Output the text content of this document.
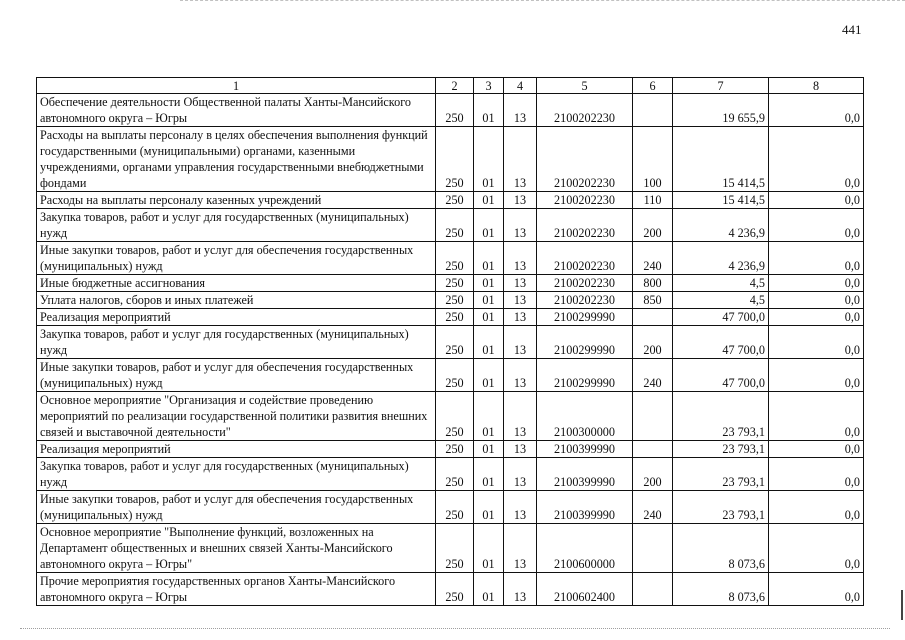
441
1	2	3	4	5	6	7	8
Обеспечение деятельности Общественной палаты Ханты-Мансийского автономного округа – Югры	250	01	13	2100202230		19 655,9	0,0
Расходы на выплаты персоналу в целях обеспечения выполнения функций государственными (муниципальными) органами, казенными учреждениями, органами управления государственными внебюджетными фондами	250	01	13	2100202230	100	15 414,5	0,0
Расходы на выплаты персоналу казенных учреждений	250	01	13	2100202230	110	15 414,5	0,0
Закупка товаров, работ и услуг для государственных (муниципальных) нужд	250	01	13	2100202230	200	4 236,9	0,0
Иные закупки товаров, работ и услуг для обеспечения государственных (муниципальных) нужд	250	01	13	2100202230	240	4 236,9	0,0
Иные бюджетные ассигнования	250	01	13	2100202230	800	4,5	0,0
Уплата налогов, сборов и иных платежей	250	01	13	2100202230	850	4,5	0,0
Реализация мероприятий	250	01	13	2100299990		47 700,0	0,0
Закупка товаров, работ и услуг для государственных (муниципальных) нужд	250	01	13	2100299990	200	47 700,0	0,0
Иные закупки товаров, работ и услуг для обеспечения государственных (муниципальных) нужд	250	01	13	2100299990	240	47 700,0	0,0
Основное мероприятие "Организация и содействие проведению мероприятий по реализации государственной политики развития внешних связей и выставочной деятельности"	250	01	13	2100300000		23 793,1	0,0
Реализация мероприятий	250	01	13	2100399990		23 793,1	0,0
Закупка товаров, работ и услуг для государственных (муниципальных) нужд	250	01	13	2100399990	200	23 793,1	0,0
Иные закупки товаров, работ и услуг для обеспечения государственных (муниципальных) нужд	250	01	13	2100399990	240	23 793,1	0,0
Основное мероприятие "Выполнение функций, возложенных на Департамент общественных и внешних связей Ханты-Мансийского автономного округа – Югры"	250	01	13	2100600000		8 073,6	0,0
Прочие мероприятия государственных органов Ханты-Мансийского автономного округа – Югры	250	01	13	2100602400		8 073,6	0,0
